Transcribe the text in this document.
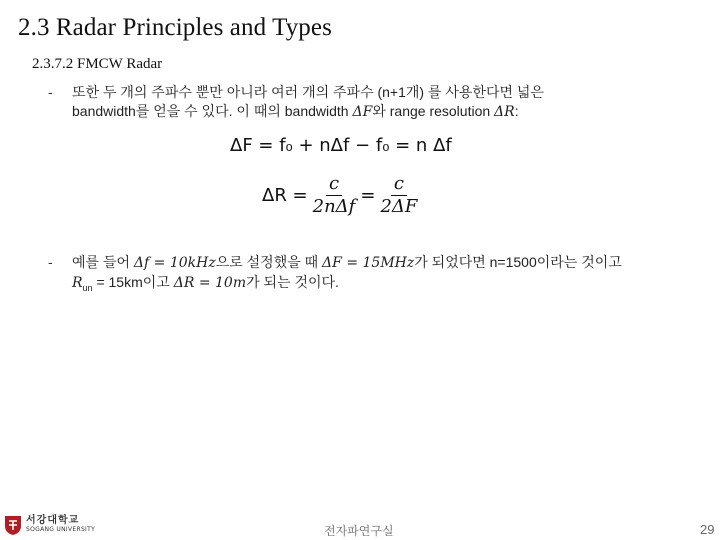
2.3 Radar Principles and Types
2.3.7.2 FMCW Radar
- 또한 두 개의 주파수 뿐만 아니라 여러 개의 주파수 (n+1개) 를 사용한다면 넓은
bandwidth를 얻을 수 있다. 이 때의 bandwidth ΔF와 range resolution ΔR:
ΔF = f₀ + nΔf − f₀ = n Δf
$\Delta R = \frac{c}{\text{2nΔf}} = \frac{c}{2\Delta F}$
- 예를 들어 Δf = 10kHz으로 설정했을 때 ΔF = 15MHz가 되었다면 n=1500이라는 것이고
$R_{un} = 15km$이고 ΔR = 10m가 되는 것이다.
서강대학교
SOGANG UNIVERSITY	전자파연구실	29
